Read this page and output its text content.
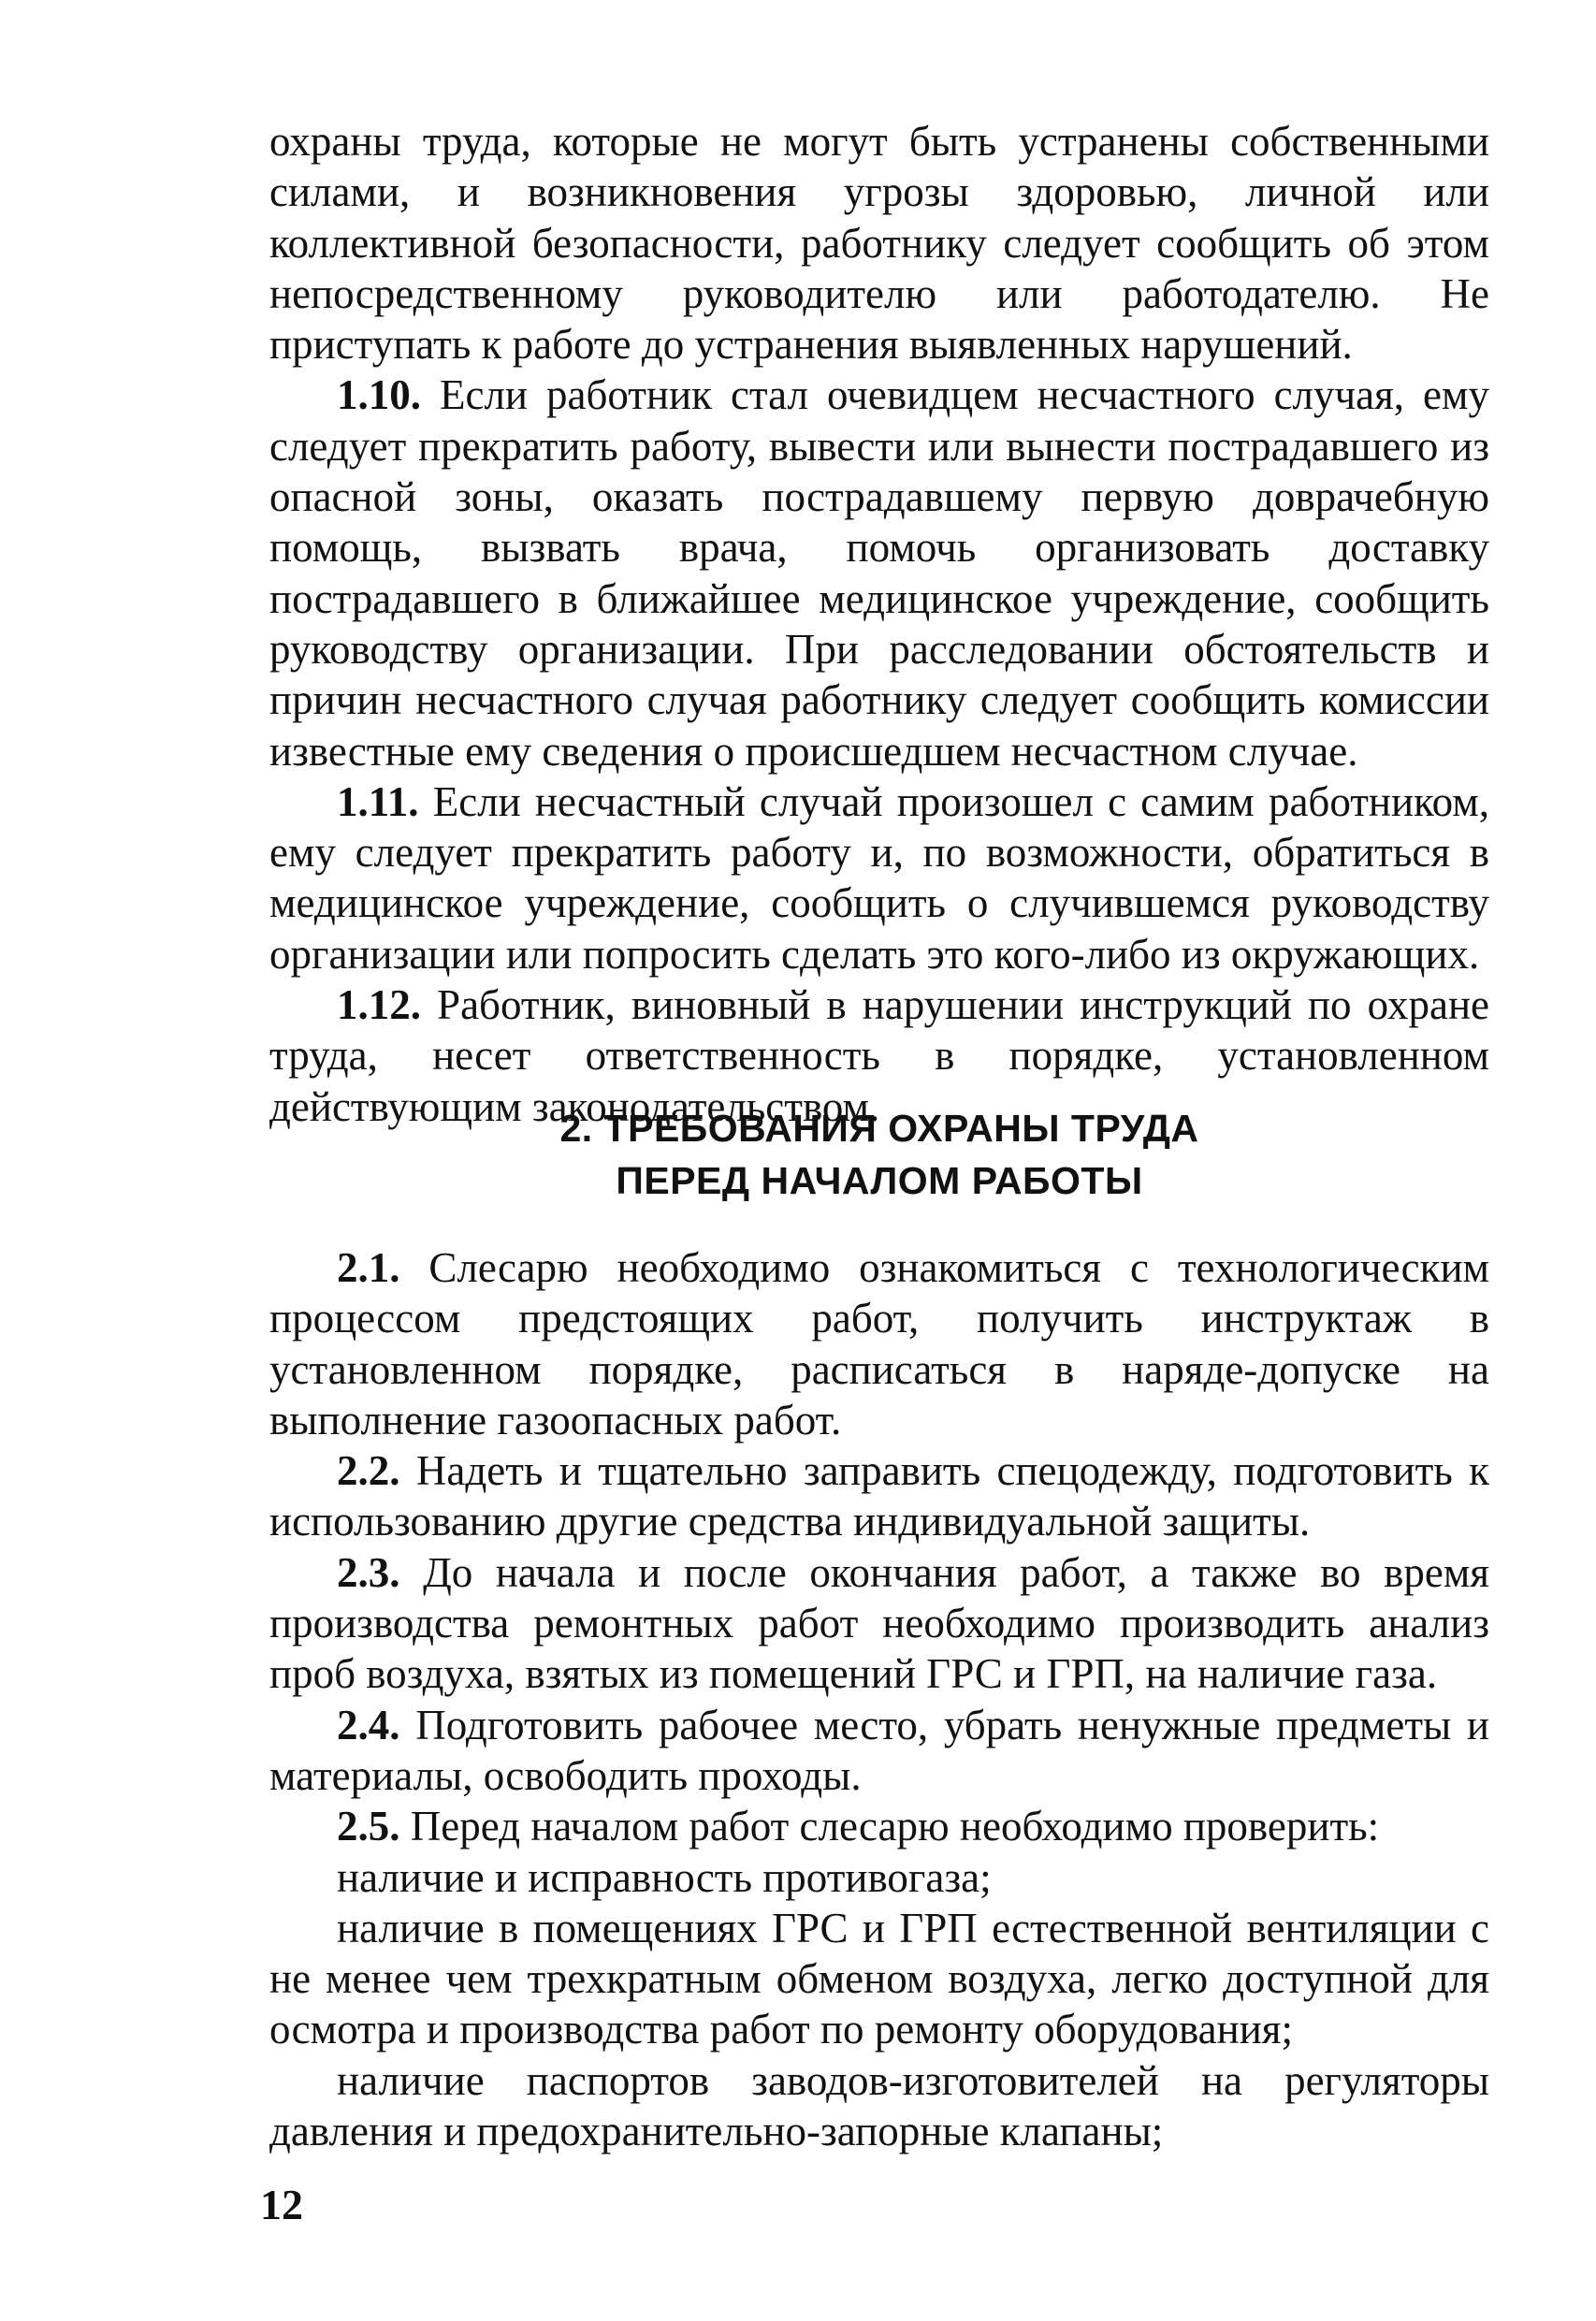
охраны труда, которые не могут быть устранены собственными силами, и возникновения угрозы здоровью, личной или коллективной безопасности, работнику следует сообщить об этом непосредственному руководителю или работодателю. Не приступать к работе до устранения выявленных нарушений.

1.10. Если работник стал очевидцем несчастного случая, ему следует прекратить работу, вывести или вынести пострадавшего из опасной зоны, оказать пострадавшему первую доврачебную помощь, вызвать врача, помочь организовать доставку пострадавшего в ближайшее медицинское учреждение, сообщить руководству организации. При расследовании обстоятельств и причин несчастного случая работнику следует сообщить комиссии известные ему сведения о происшедшем несчастном случае.

1.11. Если несчастный случай произошел с самим работником, ему следует прекратить работу и, по возможности, обратиться в медицинское учреждение, сообщить о случившемся руководству организации или попросить сделать это кого-либо из окружающих.

1.12. Работник, виновный в нарушении инструкций по охране труда, несет ответственность в порядке, установленном действующим законодательством.

2. ТРЕБОВАНИЯ ОХРАНЫ ТРУДА
ПЕРЕД НАЧАЛОМ РАБОТЫ

2.1. Слесарю необходимо ознакомиться с технологическим процессом предстоящих работ, получить инструктаж в установленном порядке, расписаться в наряде-допуске на выполнение газоопасных работ.

2.2. Надеть и тщательно заправить спецодежду, подготовить к использованию другие средства индивидуальной защиты.

2.3. До начала и после окончания работ, а также во время производства ремонтных работ необходимо производить анализ проб воздуха, взятых из помещений ГРС и ГРП, на наличие газа.

2.4. Подготовить рабочее место, убрать ненужные предметы и материалы, освободить проходы.

2.5. Перед началом работ слесарю необходимо проверить:

наличие и исправность противогаза;

наличие в помещениях ГРС и ГРП естественной вентиляции с не менее чем трехкратным обменом воздуха, легко доступной для осмотра и производства работ по ремонту оборудования;

наличие паспортов заводов-изготовителей на регуляторы давления и предохранительно-запорные клапаны;

12
